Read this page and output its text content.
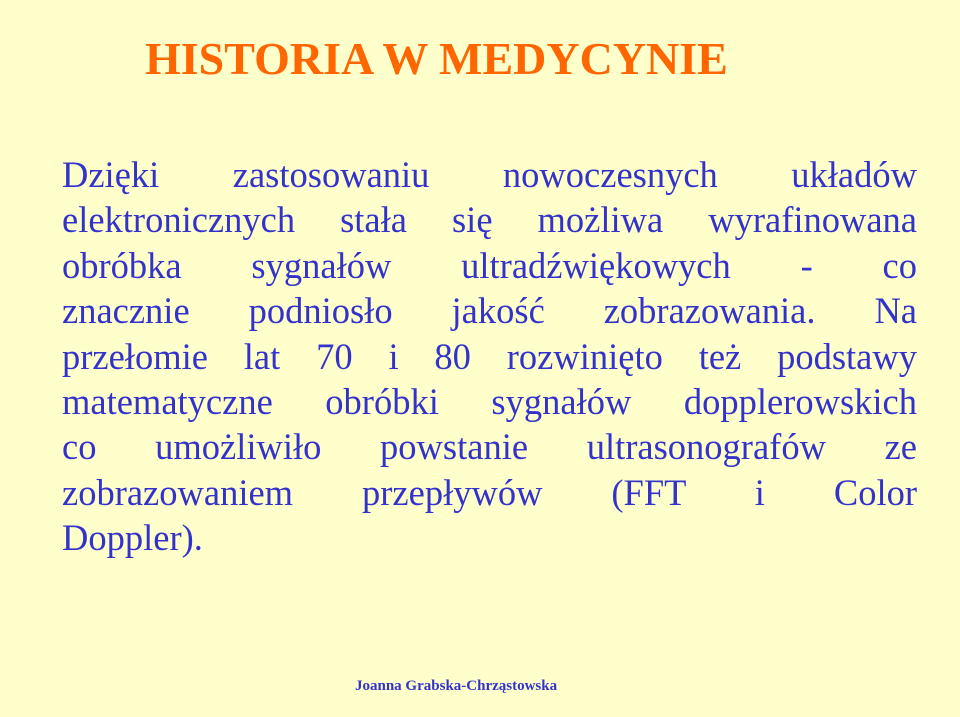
HISTORIA W MEDYCYNIE
Dzięki zastosowaniu nowoczesnych układów
elektronicznych stała się możliwa wyrafinowana
obróbka sygnałów ultradźwiękowych - co
znacznie podniosło jakość zobrazowania. Na
przełomie lat 70 i 80 rozwinięto też podstawy
matematyczne obróbki sygnałów dopplerowskich
co umożliwiło powstanie ultrasonografów ze
zobrazowaniem przepływów (FFT i Color
Doppler).
Joanna Grabska-Chrząstowska
